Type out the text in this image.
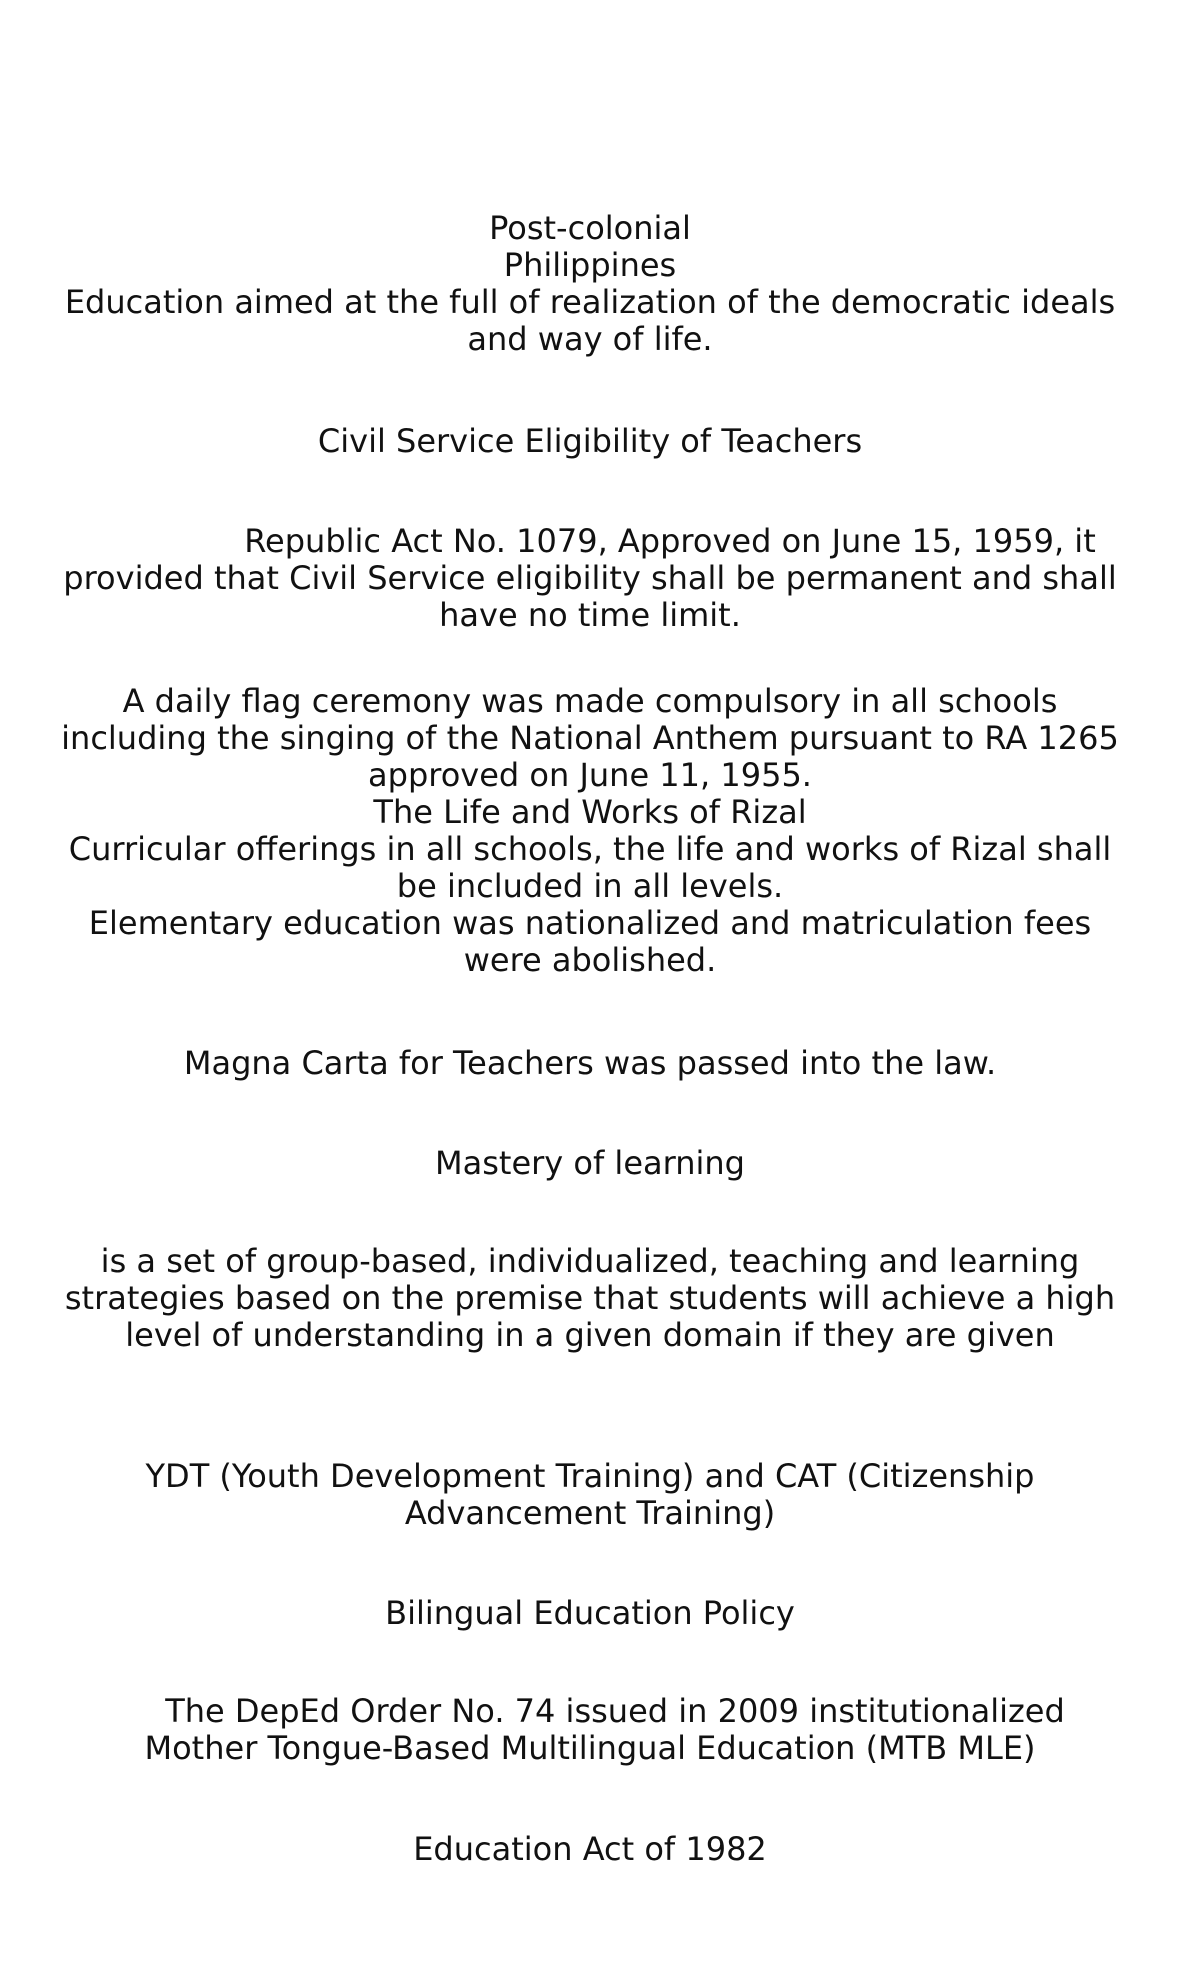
Post-colonial
Philippines
Education aimed at the full of realization of the democratic ideals
and way of life.
Civil Service Eligibility of Teachers
Republic Act No. 1079, Approved on June 15, 1959, it
provided that Civil Service eligibility shall be permanent and shall
have no time limit.
A daily flag ceremony was made compulsory in all schools
including the singing of the National Anthem pursuant to RA 1265
approved on June 11, 1955.
The Life and Works of Rizal
Curricular offerings in all schools, the life and works of Rizal shall
be included in all levels.
Elementary education was nationalized and matriculation fees
were abolished.
Magna Carta for Teachers was passed into the law.
Mastery of learning
is a set of group-based, individualized, teaching and learning
strategies based on the premise that students will achieve a high
level of understanding in a given domain if they are given
YDT (Youth Development Training) and CAT (Citizenship
Advancement Training)
Bilingual Education Policy
The DepEd Order No. 74 issued in 2009 institutionalized
Mother Tongue-Based Multilingual Education (MTB MLE)
Education Act of 1982
